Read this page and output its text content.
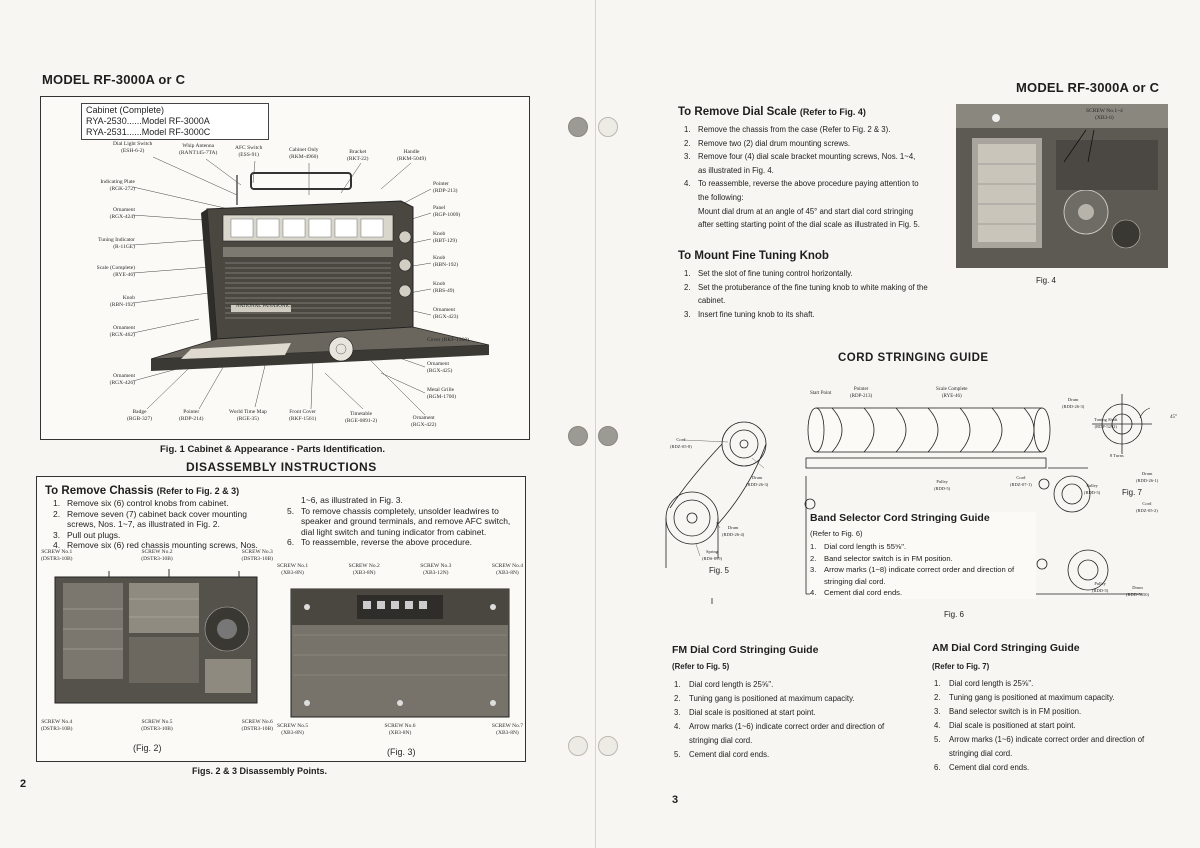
MODEL RF-3000A or C
Cabinet (Complete)
RYA-2530......Model RF-3000A
RYA-2531......Model RF-3000C
Dial Light Switch
(ESH-6-2)
Whip Antenna
(RANT145-7TA)
AFC Switch
(ESS-91)
Cabinet Only
(RKM-4960)
Bracket
(RKT-22)
Handle
(RKM-5049)
Indicating Plate
(RGK-272)
Ornament
(RGX-424)
Tuning Indicator
(R-11GE)
Scale (Complete)
(RYE-46)
Knob
(RBN-192)
Ornament
(RGX-462)
Ornament
(RGX-426)
Badge
(RGB-327)
Pointer
(RDP-214)
World Time Map
(RGE-35)
Front Cover
(RKF-1561)
Timetable
(RGE-0891-2)	Ornament
(RGX-422)
Pointer
(RDP-213)
Panel
(RGP-1009)
Knob
(RBT-129)
Knob
(RBN-192)
Knob
(RBS-49)
Ornament
(RGX-423)
Cover (RKF-1560)
Ornament
(RGX-425)
Metal Grille
(RGM-1700)
NATIONAL PANASONIC
Fig. 1 Cabinet & Appearance - Parts Identification.
DISASSEMBLY INSTRUCTIONS
To Remove Chassis (Refer to Fig. 2 & 3)
1. Remove six (6) control knobs from cabinet.
2. Remove seven (7) cabinet back cover mounting screws, Nos. 1~7, as illustrated in Fig. 2.
3. Pull out plugs.
4. Remove six (6) red chassis mounting screws, Nos.
1~6, as illustrated in Fig. 3.
5. To remove chassis completely, unsolder leadwires to speaker and ground terminals, and remove AFC switch, dial light switch and tuning indicator from cabinet.
6. To reassemble, reverse the above procedure.
SCREW No.1
(DSTR3-10B)
SCREW No.2
(DSTR3-10B)
SCREW No.3
(DSTR3-10B)
SCREW No.4
(DSTR3-10B)
SCREW No.5
(DSTR3-10B)
SCREW No.6
(DSTR3-10B)
(Fig. 2)
SCREW No.1
(XB3-8N)
SCREW No.2
(XB3-8N)
SCREW No.3
(XB3-12N)
SCREW No.4
(XB3-8N)
SCREW No.5
(XB3-8N)
SCREW No.6
(XB3-8N)
SCREW No.7
(XB3-8N)
(Fig. 3)
Figs. 2 & 3 Disassembly Points.
2
MODEL RF-3000A or C
To Remove Dial Scale (Refer to Fig. 4)
1. Remove the chassis from the case (Refer to Fig. 2 & 3).
2. Remove two (2) dial drum mounting screws.
3. Remove four (4) dial scale bracket mounting screws, Nos. 1~4, as illustrated in Fig. 4.
4. To reassemble, reverse the above procedure paying attention to the following:
Mount dial drum at an angle of 45° and start dial cord stringing after setting starting point of the dial scale as illustrated in Fig. 5.
SCREW No.1~4
(XB3-6)
Fig. 4
To Mount Fine Tuning Knob
1. Set the slot of fine tuning control horizontally.
2. Set the protuberance of the fine tuning knob to white making of the cabinet.
3. Insert fine tuning knob to its shaft.
CORD STRINGING GUIDE
Cord
(RDZ-05-8)
Drum
(RDD-26-3)
Drum
(RDD-26-4)
Spring
(RDS-899)
Fig. 5
Start Point
Pointer
(RDP-213)
Scale Complete
(RYE-46)
Drum
(RDD-26-3)
Tuning Shaft
(RDP-5292)
8 Turns
45°
Cord
(RDZ-07-1)
Pulley
(RDD-5)
Pulley
(RDD-5)
Drum
(RDD-26-1)
Cord
(RDZ-05-2)
Pulley
(RDD-5)
Drum
(RDD-5050)
Band Selector Cord Stringing Guide
(Refer to Fig. 6)
1.	Dial cord length is 55⅝".
2.	Band selector switch is in FM position.
3.	Arrow marks (1~8) indicate correct order and direction of stringing dial cord.
4.	Cement dial cord ends.
Fig. 7
Fig. 6
FM Dial Cord Stringing Guide
(Refer to Fig. 5)
1.	Dial cord length is 25⅝".
2.	Tuning gang is positioned at maximum capacity.
3.	Dial scale is positioned at start point.
4.	Arrow marks (1~6) indicate correct order and direction of stringing dial cord.
5.	Cement dial cord ends.
AM Dial Cord Stringing Guide
(Refer to Fig. 7)
1.	Dial cord length is 25⅝".
2.	Tuning gang is positioned at maximum capacity.
3.	Band selector switch is in FM position.
4.	Dial scale is positioned at start point.
5.	Arrow marks (1~6) indicate correct order and direction of stringing dial cord.
6.	Cement dial cord ends.
3
